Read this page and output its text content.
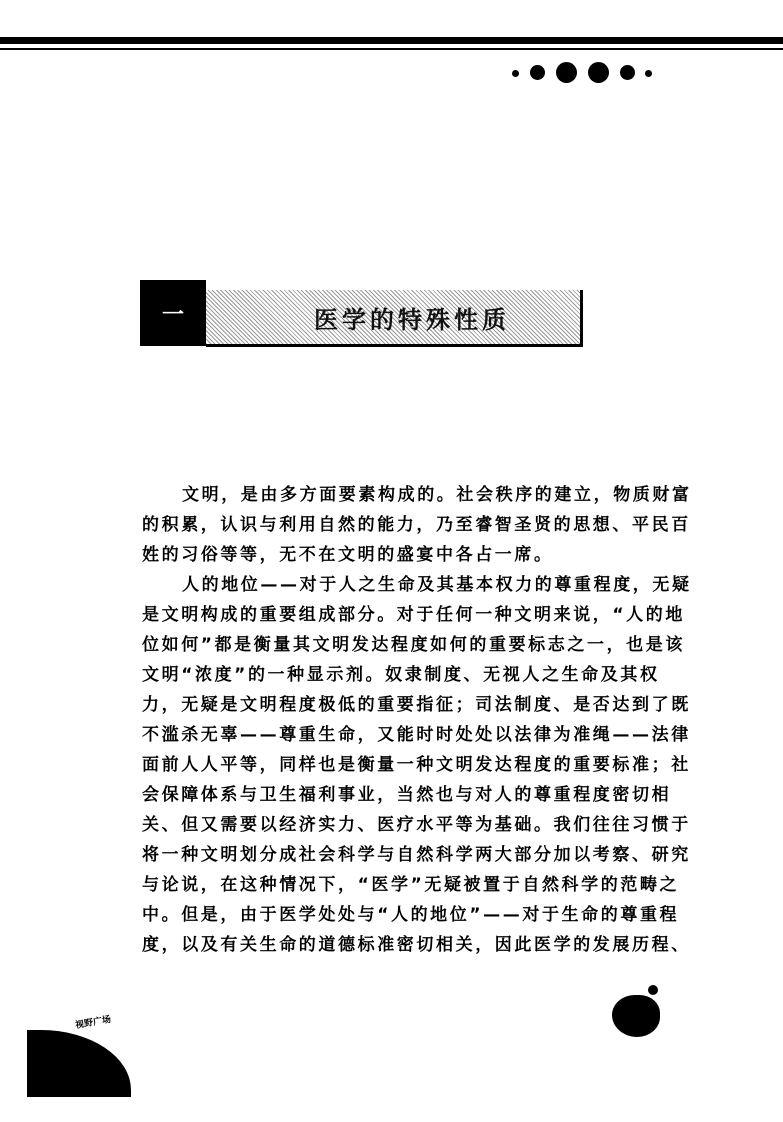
一	医学的特殊性质
文明，是由多方面要素构成的。社会秩序的建立，物质财富
的积累，认识与利用自然的能力，乃至睿智圣贤的思想、平民百
姓的习俗等等，无不在文明的盛宴中各占一席。
人的地位——对于人之生命及其基本权力的尊重程度，无疑
是文明构成的重要组成部分。对于任何一种文明来说，“人的地
位如何”都是衡量其文明发达程度如何的重要标志之一，也是该
文明“浓度”的一种显示剂。奴隶制度、无视人之生命及其权
力，无疑是文明程度极低的重要指征；司法制度、是否达到了既
不滥杀无辜——尊重生命，又能时时处处以法律为准绳——法律
面前人人平等，同样也是衡量一种文明发达程度的重要标准；社
会保障体系与卫生福利事业，当然也与对人的尊重程度密切相
关、但又需要以经济实力、医疗水平等为基础。我们往往习惯于
将一种文明划分成社会科学与自然科学两大部分加以考察、研究
与论说，在这种情况下，“医学”无疑被置于自然科学的范畴之
中。但是，由于医学处处与“人的地位”——对于生命的尊重程
度，以及有关生命的道德标准密切相关，因此医学的发展历程、
视野广场
